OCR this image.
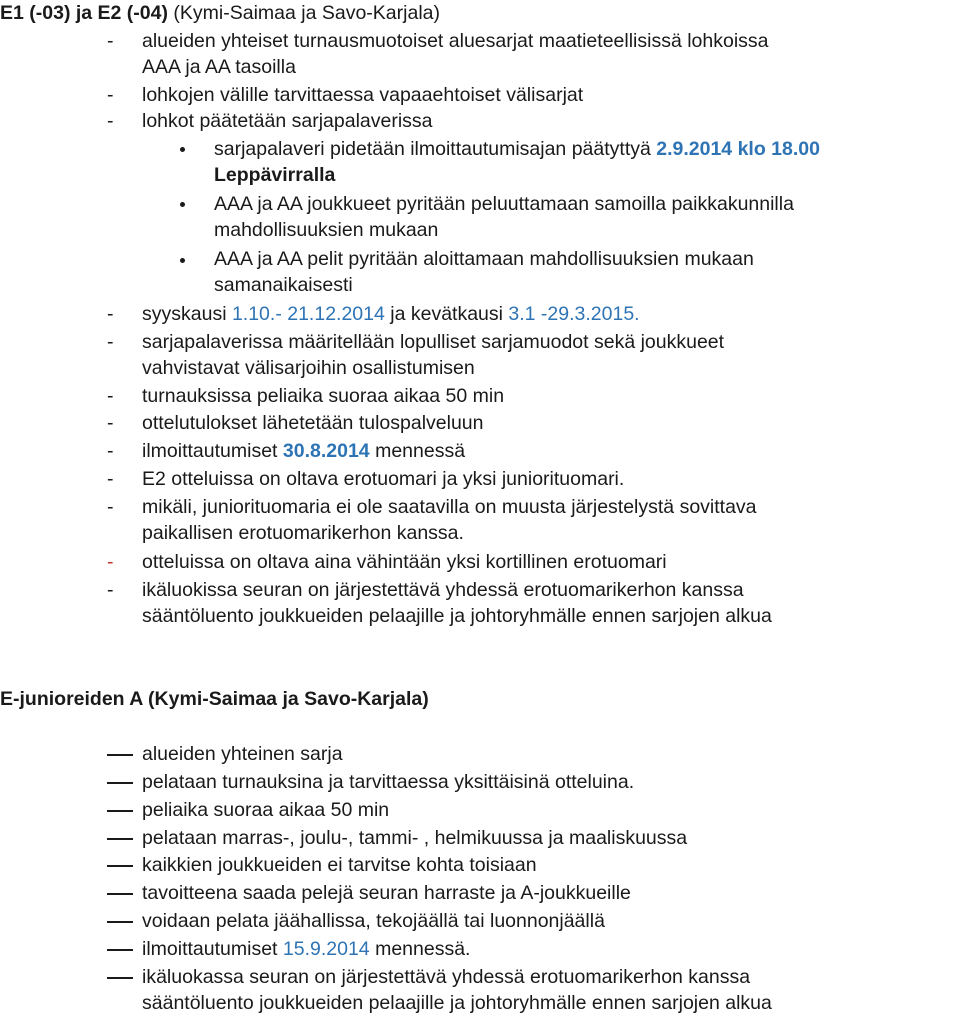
E1 (-03) ja E2 (-04) (Kymi-Saimaa ja Savo-Karjala)
- alueiden yhteiset turnausmuotoiset aluesarjat maatieteellisissä lohkoissa
AAA ja AA tasoilla
- lohkojen välille tarvittaessa vapaaehtoiset välisarjat
- lohkot päätetään sarjapalaverissa
sarjapalaveri pidetään ilmoittautumisajan päätyttyä 2.9.2014 klo 18.00
Leppävirralla
AAA ja AA joukkueet pyritään peluuttamaan samoilla paikkakunnilla
mahdollisuuksien mukaan
AAA ja AA pelit pyritään aloittamaan mahdollisuuksien mukaan
samanaikaisesti
- syyskausi 1.10.- 21.12.2014 ja kevätkausi 3.1 -29.3.2015.
- sarjapalaverissa määritellään lopulliset sarjamuodot sekä joukkueet
vahvistavat välisarjoihin osallistumisen
- turnauksissa peliaika suoraa aikaa 50 min
- ottelutulokset lähetetään tulospalveluun
- ilmoittautumiset 30.8.2014 mennessä
- E2 otteluissa on oltava erotuomari ja yksi juniorituomari.
- mikäli, juniorituomaria ei ole saatavilla on muusta järjestelystä sovittava
paikallisen erotuomarikerhon kanssa.
- otteluissa on oltava aina vähintään yksi kortillinen erotuomari
- ikäluokissa seuran on järjestettävä yhdessä erotuomarikerhon kanssa
sääntöluento joukkueiden pelaajille ja johtoryhmälle ennen sarjojen alkua
E-junioreiden A (Kymi-Saimaa ja Savo-Karjala)
alueiden yhteinen sarja
pelataan turnauksina ja tarvittaessa yksittäisinä otteluina.
peliaika suoraa aikaa 50 min
pelataan marras-, joulu-, tammi- , helmikuussa ja maaliskuussa
kaikkien joukkueiden ei tarvitse kohta toisiaan
tavoitteena saada pelejä seuran harraste ja A-joukkueille
voidaan pelata jäähallissa, tekojäällä tai luonnonjäällä
ilmoittautumiset 15.9.2014 mennessä.
ikäluokassa seuran on järjestettävä yhdessä erotuomarikerhon kanssa
sääntöluento joukkueiden pelaajille ja johtoryhmälle ennen sarjojen alkua
